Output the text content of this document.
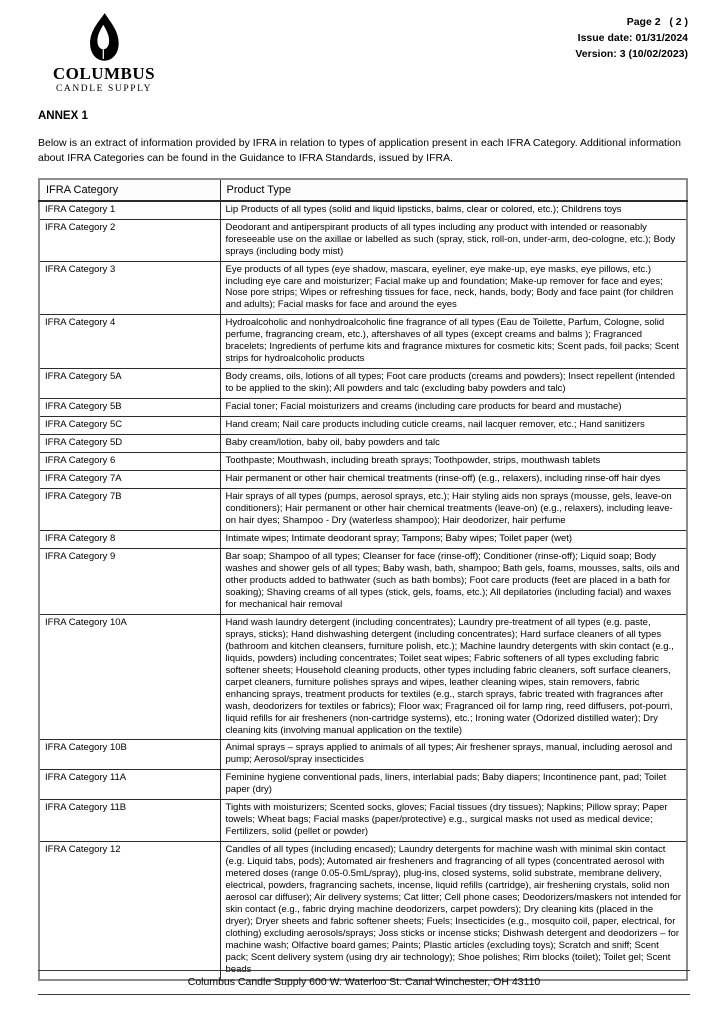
COLUMBUS
CANDLE SUPPLY
Page 2   ( 2 )
Issue date: 01/31/2024
Version: 3 (10/02/2023)
ANNEX 1
Below is an extract of information provided by IFRA in relation to types of application present in each IFRA Category. Additional information about IFRA Categories can be found in the Guidance to IFRA Standards, issued by IFRA.
IFRA Category	Product Type
IFRA Category 1	Lip Products of all types (solid and liquid lipsticks, balms, clear or colored, etc.); Childrens toys
IFRA Category 2	Deodorant and antiperspirant products of all types including any product with intended or reasonably foreseeable use on the axillae or labelled as such (spray, stick, roll-on, under-arm, deo-cologne, etc.); Body sprays (including body mist)
IFRA Category 3	Eye products of all types (eye shadow, mascara, eyeliner, eye make-up, eye masks, eye pillows, etc.) including eye care and moisturizer; Facial make up and foundation; Make-up remover for face and eyes; Nose pore strips; Wipes or refreshing tissues for face, neck, hands, body; Body and face paint (for children and adults); Facial masks for face and around the eyes
IFRA Category 4	Hydroalcoholic and nonhydroalcoholic fine fragrance of all types (Eau de Toilette, Parfum, Cologne, solid perfume, fragrancing cream, etc.), aftershaves of all types (except creams and balms ); Fragranced bracelets; Ingredients of perfume kits and fragrance mixtures for cosmetic kits; Scent pads, foil packs; Scent strips for hydroalcoholic products
IFRA Category 5A	Body creams, oils, lotions of all types; Foot care products (creams and powders); Insect repellent (intended to be applied to the skin); All powders and talc (excluding baby powders and talc)
IFRA Category 5B	Facial toner; Facial moisturizers and creams (including care products for beard and mustache)
IFRA Category 5C	Hand cream; Nail care products including cuticle creams, nail lacquer remover, etc.; Hand sanitizers
IFRA Category 5D	Baby cream/lotion, baby oil, baby powders and talc
IFRA Category 6	Toothpaste; Mouthwash, including breath sprays; Toothpowder, strips, mouthwash tablets
IFRA Category 7A	Hair permanent or other hair chemical treatments (rinse-off) (e.g., relaxers), including rinse-off hair dyes
IFRA Category 7B	Hair sprays of all types (pumps, aerosol sprays, etc.); Hair styling aids non sprays (mousse, gels, leave-on conditioners); Hair permanent or other hair chemical treatments (leave-on) (e.g., relaxers), including leave-on hair dyes; Shampoo - Dry (waterless shampoo); Hair deodorizer, hair perfume
IFRA Category 8	Intimate wipes; Intimate deodorant spray; Tampons; Baby wipes; Toilet paper (wet)
IFRA Category 9	Bar soap; Shampoo of all types; Cleanser for face (rinse-off); Conditioner (rinse-off); Liquid soap; Body washes and shower gels of all types; Baby wash, bath, shampoo; Bath gels, foams, mousses, salts, oils and other products added to bathwater (such as bath bombs); Foot care products (feet are placed in a bath for soaking); Shaving creams of all types (stick, gels, foams, etc.); All depilatories (including facial) and waxes for mechanical hair removal
IFRA Category 10A	Hand wash laundry detergent (including concentrates); Laundry pre-treatment of all types (e.g. paste, sprays, sticks); Hand dishwashing detergent (including concentrates); Hard surface cleaners of all types (bathroom and kitchen cleansers, furniture polish, etc.); Machine laundry detergents with skin contact (e.g., liquids, powders) including concentrates; Toilet seat wipes; Fabric softeners of all types excluding fabric softener sheets; Household cleaning products, other types including fabric cleaners, soft surface cleaners, carpet cleaners, furniture polishes sprays and wipes, leather cleaning wipes, stain removers, fabric enhancing sprays, treatment products for textiles (e.g., starch sprays, fabric treated with fragrances after wash, deodorizers for textiles or fabrics); Floor wax; Fragranced oil for lamp ring, reed diffusers, pot-pourri, liquid refills for air fresheners (non-cartridge systems), etc.; Ironing water (Odorized distilled water); Dry cleaning kits (involving manual application on the textile)
IFRA Category 10B	Animal sprays – sprays applied to animals of all types; Air freshener sprays, manual, including aerosol and pump; Aerosol/spray insecticides
IFRA Category 11A	Feminine hygiene conventional pads, liners, interlabial pads; Baby diapers; Incontinence pant, pad; Toilet paper (dry)
IFRA Category 11B	Tights with moisturizers; Scented socks, gloves; Facial tissues (dry tissues); Napkins; Pillow spray; Paper towels; Wheat bags; Facial masks (paper/protective) e.g., surgical masks not used as medical device; Fertilizers, solid (pellet or powder)
IFRA Category 12	Candles of all types (including encased); Laundry detergents for machine wash with minimal skin contact (e.g. Liquid tabs, pods); Automated air fresheners and fragrancing of all types (concentrated aerosol with metered doses (range 0.05-0.5mL/spray), plug-ins, closed systems, solid substrate, membrane delivery, electrical, powders, fragrancing sachets, incense, liquid refills (cartridge), air freshening crystals, solid non aerosol car diffuser); Air delivery systems; Cat litter; Cell phone cases; Deodorizers/maskers not intended for skin contact (e.g., fabric drying machine deodorizers, carpet powders); Dry cleaning kits (placed in the dryer); Dryer sheets and fabric softener sheets; Fuels; Insecticides (e.g., mosquito coil, paper, electrical, for clothing) excluding aerosols/sprays; Joss sticks or incense sticks; Dishwash detergent and deodorizers – for machine wash; Olfactive board games; Paints; Plastic articles (excluding toys); Scratch and sniff; Scent pack; Scent delivery system (using dry air technology); Shoe polishes; Rim blocks (toilet); Toilet gel; Scent beads
Columbus Candle Supply 600 W. Waterloo St. Canal Winchester, OH 43110
